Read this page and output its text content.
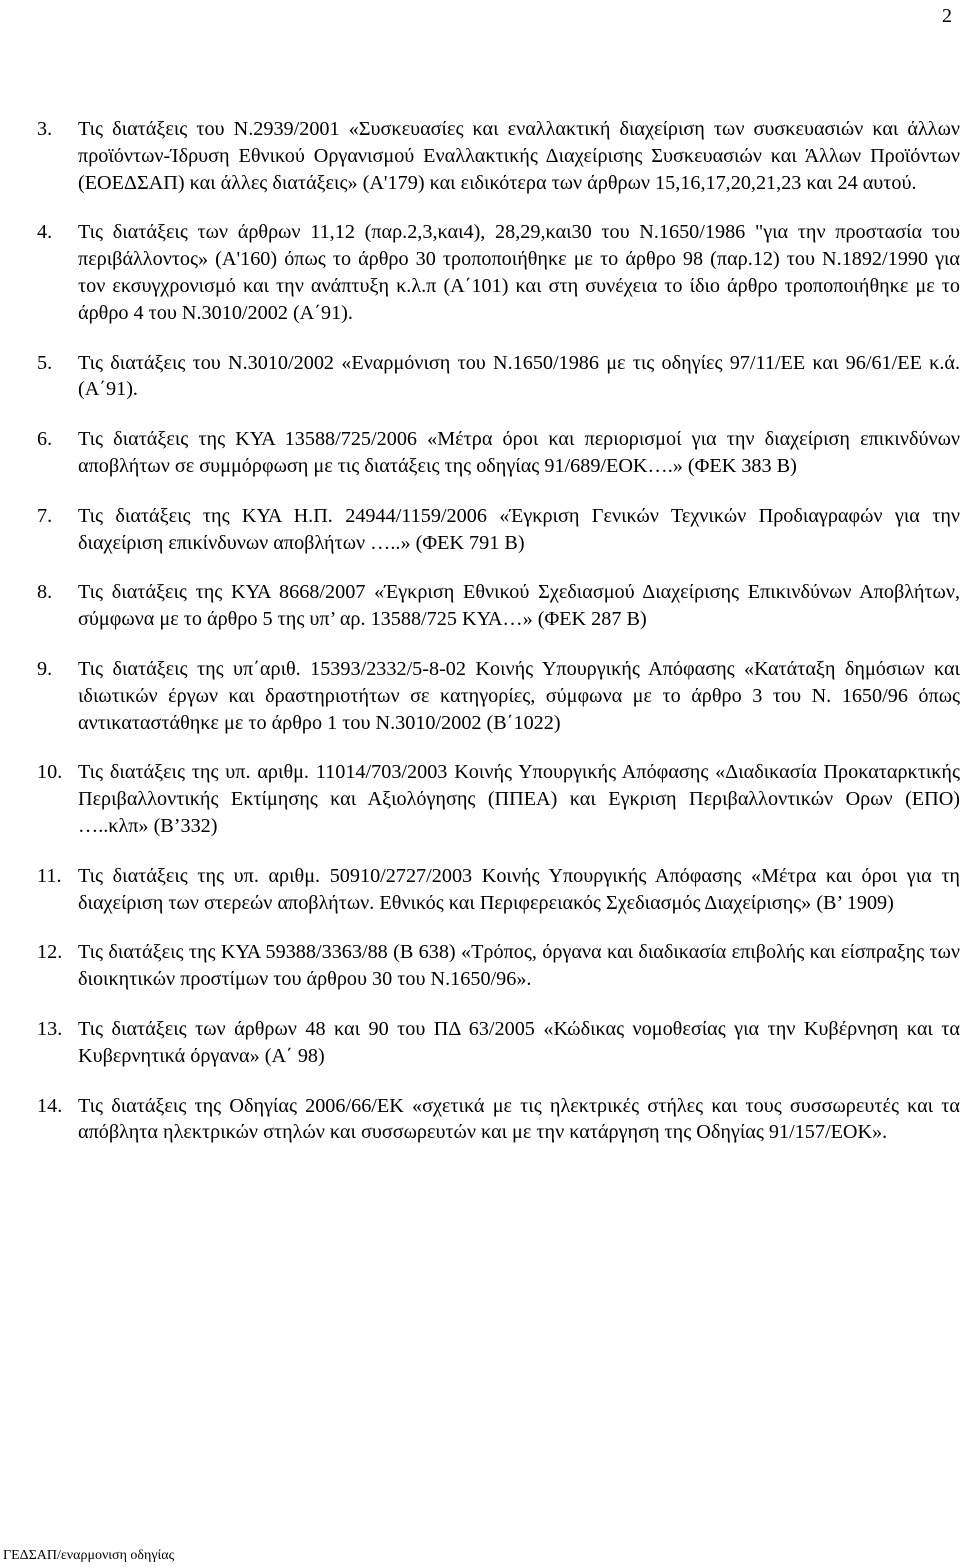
2
3. Τις διατάξεις του Ν.2939/2001 «Συσκευασίες και εναλλακτική διαχείριση των συσκευασιών και άλλων προϊόντων-Ίδρυση Εθνικού Οργανισμού Εναλλακτικής Διαχείρισης Συσκευασιών και Άλλων Προϊόντων (ΕΟΕΔΣΑΠ) και άλλες διατάξεις» (Α'179) και ειδικότερα των άρθρων 15,16,17,20,21,23 και 24 αυτού.
4. Τις διατάξεις των άρθρων 11,12 (παρ.2,3,και4), 28,29,και30 του Ν.1650/1986 "για την προστασία του περιβάλλοντος» (Α'160) όπως το άρθρο 30 τροποποιήθηκε με το άρθρο 98 (παρ.12) του Ν.1892/1990 για τον εκσυγχρονισμό και την ανάπτυξη κ.λ.π (Α΄101) και στη συνέχεια το ίδιο άρθρο τροποποιήθηκε με το άρθρο 4 του Ν.3010/2002 (Α΄91).
5. Τις διατάξεις του Ν.3010/2002 «Εναρμόνιση του Ν.1650/1986 με τις οδηγίες 97/11/ΕΕ και 96/61/ΕΕ κ.ά. (Α΄91).
6. Τις διατάξεις της ΚΥΑ 13588/725/2006 «Μέτρα όροι και περιορισμοί για την διαχείριση επικινδύνων αποβλήτων σε συμμόρφωση με τις διατάξεις της οδηγίας 91/689/ΕΟΚ….» (ΦΕΚ 383 Β)
7. Τις διατάξεις της ΚΥΑ Η.Π. 24944/1159/2006 «Έγκριση Γενικών Τεχνικών Προδιαγραφών για την διαχείριση επικίνδυνων αποβλήτων …..» (ΦΕΚ 791 Β)
8. Τις διατάξεις της ΚΥΑ 8668/2007 «Έγκριση Εθνικού Σχεδιασμού Διαχείρισης Επικινδύνων Αποβλήτων, σύμφωνα με το άρθρο 5 της υπ’ αρ. 13588/725 ΚΥΑ…» (ΦΕΚ 287 Β)
9. Τις διατάξεις της υπ΄αριθ. 15393/2332/5-8-02 Κοινής Υπουργικής Απόφασης «Κατάταξη δημόσιων και ιδιωτικών έργων και δραστηριοτήτων σε κατηγορίες, σύμφωνα με το άρθρο 3 του Ν. 1650/96 όπως αντικαταστάθηκε με το άρθρο 1 του Ν.3010/2002 (Β΄1022)
10. Τις διατάξεις της υπ. αριθμ. 11014/703/2003 Κοινής Υπουργικής Απόφασης «Διαδικασία Προκαταρκτικής Περιβαλλοντικής Εκτίμησης και Αξιολόγησης (ΠΠΕΑ) και Εγκριση Περιβαλλοντικών Ορων (ΕΠΟ) …..κλπ» (Β’332)
11. Τις διατάξεις της υπ. αριθμ. 50910/2727/2003 Κοινής Υπουργικής Απόφασης «Μέτρα και όροι για τη διαχείριση των στερεών αποβλήτων. Εθνικός και Περιφερειακός Σχεδιασμός Διαχείρισης» (Β’ 1909)
12. Τις διατάξεις της ΚΥΑ 59388/3363/88 (Β 638) «Τρόπος, όργανα και διαδικασία επιβολής και είσπραξης των διοικητικών προστίμων του άρθρου 30 του Ν.1650/96».
13. Τις διατάξεις των άρθρων 48 και 90 του ΠΔ 63/2005 «Κώδικας νομοθεσίας για την Κυβέρνηση και τα Κυβερνητικά όργανα» (Α΄ 98)
14. Τις διατάξεις της Οδηγίας 2006/66/ΕΚ «σχετικά με τις ηλεκτρικές στήλες και τους συσσωρευτές και τα απόβλητα ηλεκτρικών στηλών και συσσωρευτών και με την κατάργηση της Οδηγίας 91/157/ΕΟΚ».
ΓΕΔΣΑΠ/εναρμονιση οδηγίας
